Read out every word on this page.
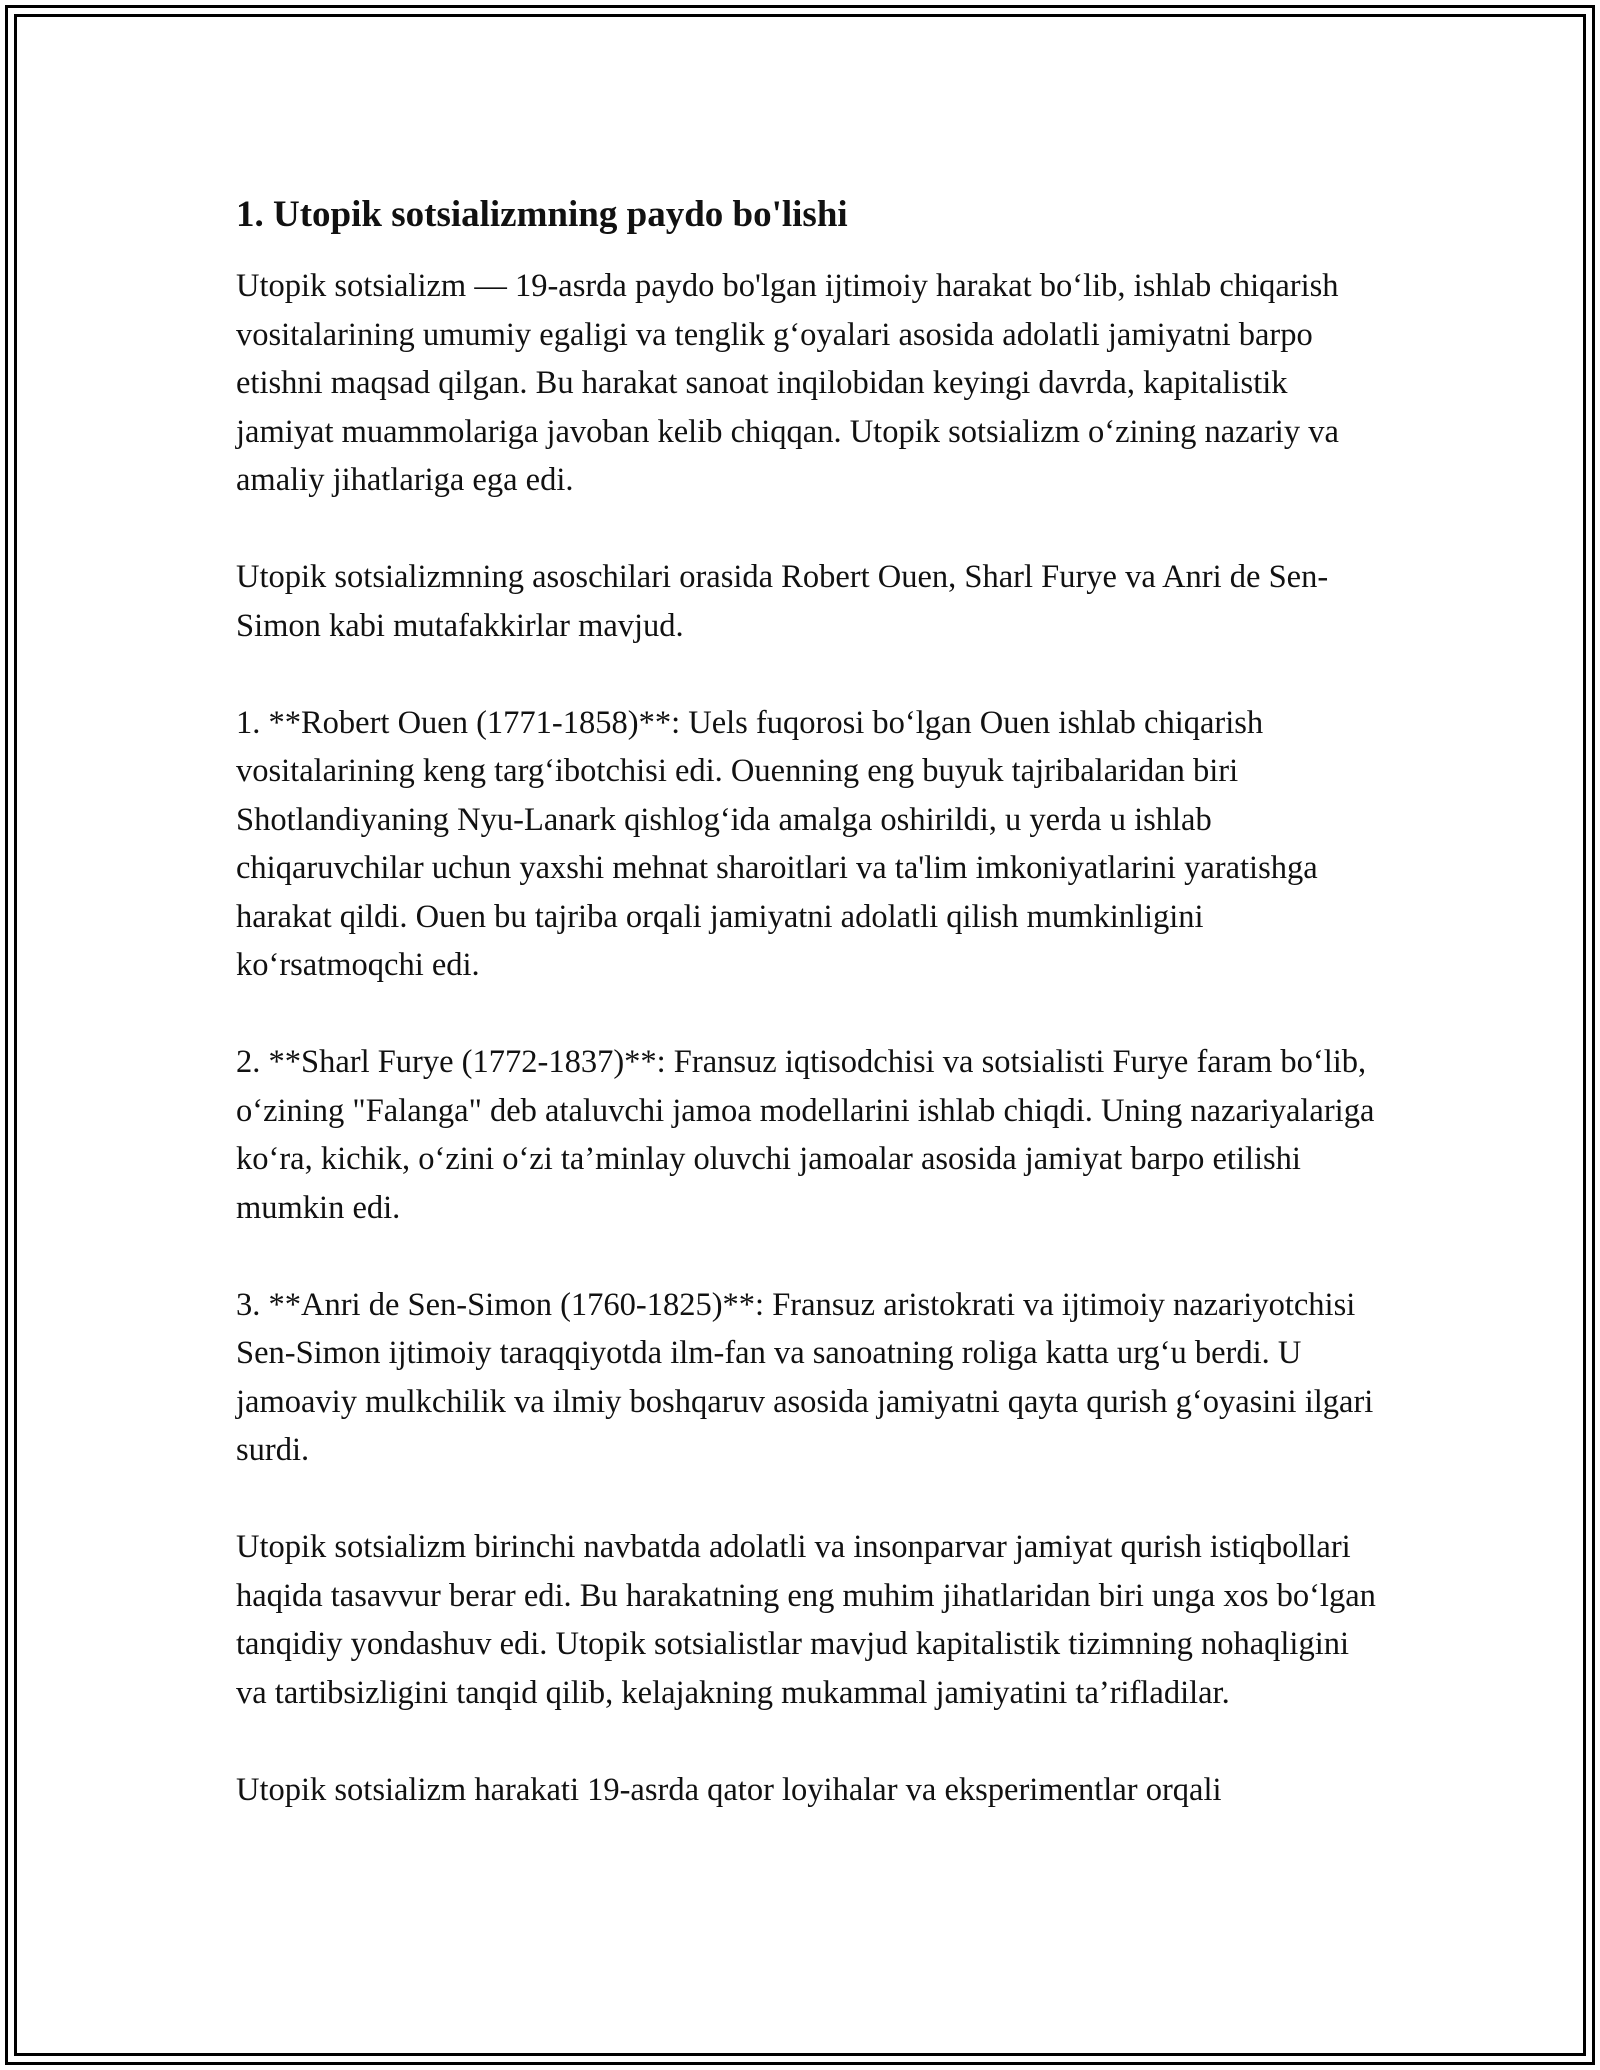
1. Utopik sotsializmning paydo bo'lishi

Utopik sotsializm — 19-asrda paydo bo'lgan ijtimoiy harakat bo‘lib, ishlab chiqarish vositalarining umumiy egaligi va tenglik g‘oyalari asosida adolatli jamiyatni barpo etishni maqsad qilgan. Bu harakat sanoat inqilobidan keyingi davrda, kapitalistik jamiyat muammolariga javoban kelib chiqqan. Utopik sotsializm o‘zining nazariy va amaliy jihatlariga ega edi.

Utopik sotsializmning asoschilari orasida Robert Ouen, Sharl Furye va Anri de Sen-Simon kabi mutafakkirlar mavjud.

1. **Robert Ouen (1771-1858)**: Uels fuqorosi bo‘lgan Ouen ishlab chiqarish vositalarining keng targ‘ibotchisi edi. Ouenning eng buyuk tajribalaridan biri Shotlandiyaning Nyu-Lanark qishlog‘ida amalga oshirildi, u yerda u ishlab chiqaruvchilar uchun yaxshi mehnat sharoitlari va ta'lim imkoniyatlarini yaratishga harakat qildi. Ouen bu tajriba orqali jamiyatni adolatli qilish mumkinligini ko‘rsatmoqchi edi.

2. **Sharl Furye (1772-1837)**: Fransuz iqtisodchisi va sotsialisti Furye faram bo‘lib, o‘zining "Falanga" deb ataluvchi jamoa modellarini ishlab chiqdi. Uning nazariyalariga ko‘ra, kichik, o‘zini o‘zi ta’minlay oluvchi jamoalar asosida jamiyat barpo etilishi mumkin edi.

3. **Anri de Sen-Simon (1760-1825)**: Fransuz aristokrati va ijtimoiy nazariyotchisi Sen-Simon ijtimoiy taraqqiyotda ilm-fan va sanoatning roliga katta urg‘u berdi. U jamoaviy mulkchilik va ilmiy boshqaruv asosida jamiyatni qayta qurish g‘oyasini ilgari surdi.

Utopik sotsializm birinchi navbatda adolatli va insonparvar jamiyat qurish istiqbollari haqida tasavvur berar edi. Bu harakatning eng muhim jihatlaridan biri unga xos bo‘lgan tanqidiy yondashuv edi. Utopik sotsialistlar mavjud kapitalistik tizimning nohaqligini va tartibsizligini tanqid qilib, kelajakning mukammal jamiyatini ta’rifladilar.

Utopik sotsializm harakati 19-asrda qator loyihalar va eksperimentlar orqali
